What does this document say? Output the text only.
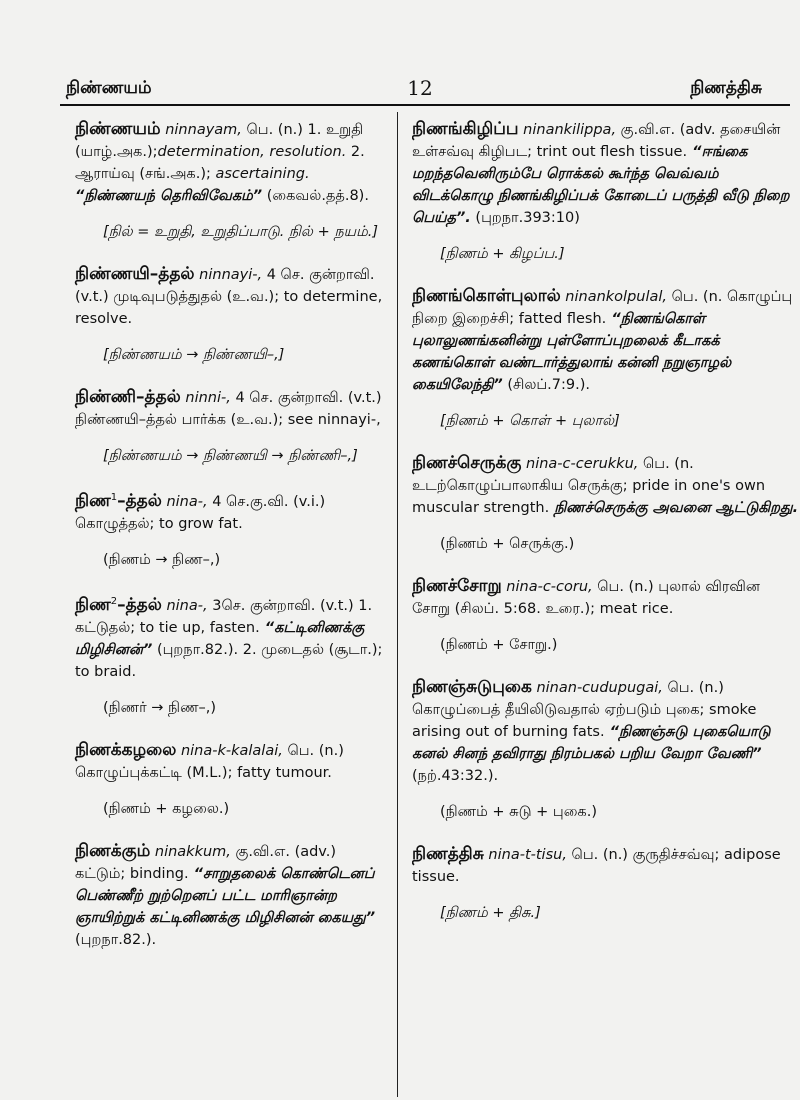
நிண்ணயம்	12	நிணத்திசு
நிண்ணயம் ninnayam, பெ. (n.) 1. உறுதி (யாழ்.அக.);determination, resolution. 2. ஆராய்வு (சங்.அக.); ascertaining. “நிண்ணயந் தெரிவிவேகம்” (கைவல்.தத்.8).
[நில் = உறுதி, உறுதிப்பாடு. நில் + நயம்.]
நிண்ணயி–த்தல் ninnayi-, 4 செ. குன்றாவி. (v.t.) முடிவுபடுத்துதல் (உ.வ.); to determine, resolve.
[நிண்ணயம் → நிண்ணயி–,]
நிண்ணி–த்தல் ninni-, 4 செ. குன்றாவி. (v.t.) நிண்ணயி–த்தல் பார்க்க (உ.வ.); see ninnayi-,
[நிண்ணயம் → நிண்ணயி → நிண்ணி–,]
நிண$^1$–த்தல் nina-, 4 செ.கு.வி. (v.i.) கொழுத்தல்; to grow fat.
(நிணம் → நிண–,)
நிண$^2$–த்தல் nina-, 3செ. குன்றாவி. (v.t.) 1. கட்டுதல்; to tie up, fasten. “கட்டினிணக்கு மிழிசினன்” (புறநா.82.). 2. முடைதல் (சூடா.); to braid.
(நிணர் → நிண–,)
நிணக்கழலை nina-k-kalalai, பெ. (n.) கொழுப்புக்கட்டி (M.L.); fatty tumour.
(நிணம் + கழலை.)
நிணக்கும் ninakkum, கு.வி.எ. (adv.) கட்டும்; binding. “சாறுதலைக் கொண்டெனப் பெண்ணீற் றுற்றெனப் பட்ட மாரிஞான்ற ஞாயிற்றுக் கட்டினிணக்கு மிழிசினன் கையது” (புறநா.82.).
நிணங்கிழிப்ப ninankilippa, கு.வி.எ. (adv. தசையின் உள்சவ்வு கிழிபட; trint out flesh tissue. “ஈங்கை மறந்தவெனிரும்பே ரொக்கல் கூர்ந்த வெவ்வம் விடக்கொழு நிணங்கிழிப்பக் கோடைப் பருத்தி வீடு நிறை பெய்த”. (புறநா.393:10)
[நிணம் + கிழப்ப.]
நிணங்கொள்புலால் ninankolpulal, பெ. (n. கொழுப்பு நிறை இறைச்சி; fatted flesh. “நிணங்கொள் புலாலுணங்கனின்று புள்ளோப்புறலைக் கீடாகக் கணங்கொள் வண்டார்த்துலாங் கன்னி நறுஞாழல் கையிலேந்தி” (சிலப்.7:9.).
[நிணம் + கொள் + புலால்]
நிணச்செருக்கு nina-c-cerukku, பெ. (n. உடற்கொழுப்பாலாகிய செருக்கு; pride in one's own muscular strength. நிணச்செருக்கு அவனை ஆட்டுகிறது.
(நிணம் + செருக்கு.)
நிணச்சோறு nina-c-coru, பெ. (n.) புலால் விரவின சோறு (சிலப். 5:68. உரை.); meat rice.
(நிணம் + சோறு.)
நிணஞ்சுடுபுகை ninan-cudupugai, பெ. (n.) கொழுப்பைத் தீயிலிடுவதால் ஏற்படும் புகை; smoke arising out of burning fats. “நிணஞ்சுடு புகையொடு கனல் சினந் தவிராது நிரம்பகல் பறிய வேறா வேணி” (நற்.43:32.).
(நிணம் + சுடு + புகை.)
நிணத்திசு nina-t-tisu, பெ. (n.) குருதிச்சவ்வு; adipose tissue.
[நிணம் + திசு.]
